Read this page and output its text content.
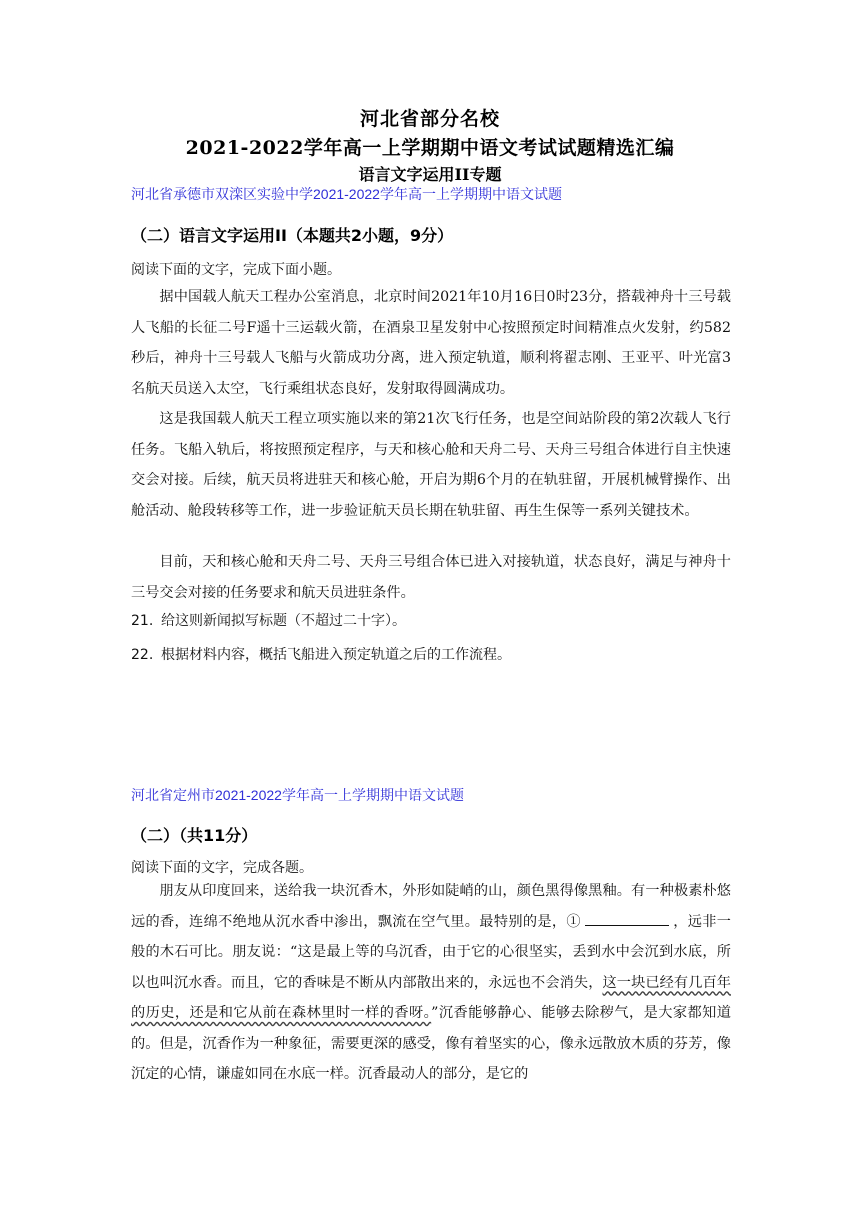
河北省部分名校
2021-2022学年高一上学期期中语文考试试题精选汇编
语言文字运用II专题
河北省承德市双滦区实验中学2021-2022学年高一上学期期中语文试题
（二）语言文字运用II（本题共2小题，9分）
阅读下面的文字，完成下面小题。

据中国载人航天工程办公室消息，北京时间2021年10月16日0时23分，搭载神舟十三号载人飞船的长征二号F遥十三运载火箭，在酒泉卫星发射中心按照预定时间精准点火发射，约582秒后，神舟十三号载人飞船与火箭成功分离，进入预定轨道，顺利将翟志刚、王亚平、叶光富3名航天员送入太空，飞行乘组状态良好，发射取得圆满成功。

这是我国载人航天工程立项实施以来的第21次飞行任务，也是空间站阶段的第2次载人飞行任务。飞船入轨后，将按照预定程序，与天和核心舱和天舟二号、天舟三号组合体进行自主快速交会对接。后续，航天员将进驻天和核心舱，开启为期6个月的在轨驻留，开展机械臂操作、出舱活动、舱段转移等工作，进一步验证航天员长期在轨驻留、再生生保等一系列关键技术。

目前，天和核心舱和天舟二号、天舟三号组合体已进入对接轨道，状态良好，满足与神舟十三号交会对接的任务要求和航天员进驻条件。

21. 给这则新闻拟写标题（不超过二十字）。
22. 根据材料内容，概括飞船进入预定轨道之后的工作流程。
河北省定州市2021-2022学年高一上学期期中语文试题
（二）（共11分）
阅读下面的文字，完成各题。

朋友从印度回来，送给我一块沉香木，外形如陡峭的山，颜色黑得像黑釉。有一种极素朴悠远的香，连绵不绝地从沉水香中渗出，飘流在空气里。最特别的是，①	，远非一般的木石可比。朋友说：“这是最上等的乌沉香，由于它的心很坚实，丢到水中会沉到水底，所以也叫沉水香。而且，它的香味是不断从内部散出来的，永远也不会消失，这一块已经有几百年的历史，还是和它从前在森林里时一样的香呀。”沉香能够静心、能够去除秽气，是大家都知道的。但是，沉香作为一种象征，需要更深的感受，像有着坚实的心，像永远散放木质的芬芳，像沉定的心情，谦虚如同在水底一样。沉香最动人的部分，是它的
